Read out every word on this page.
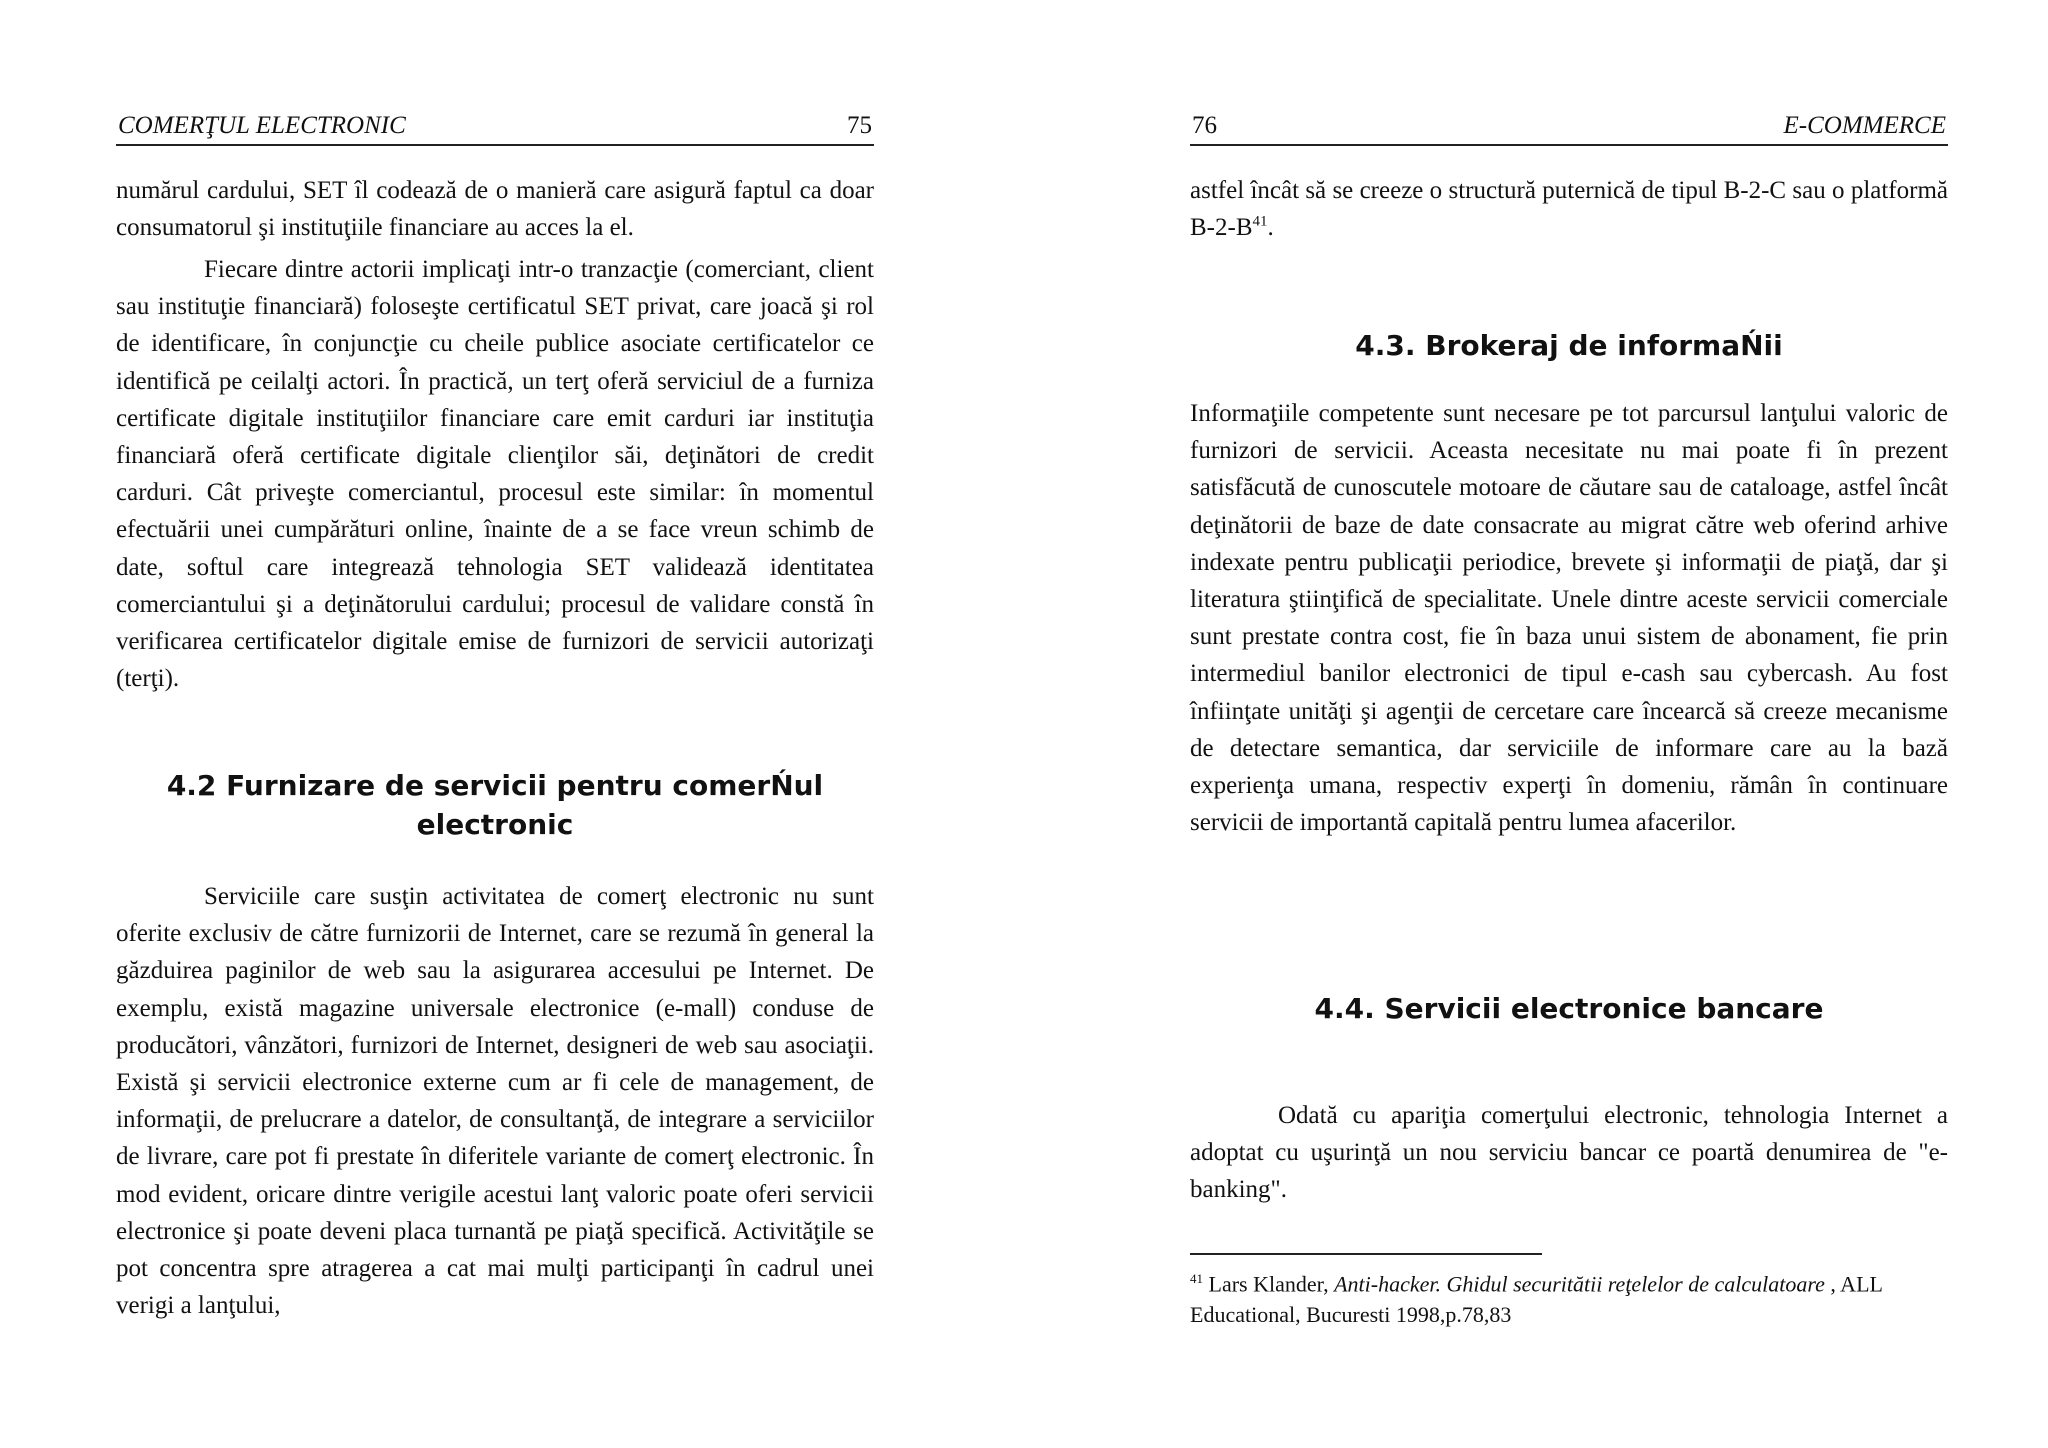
COMERŢUL ELECTRONIC	75

numărul cardului, SET îl codează de o manieră care asigură faptul ca doar consumatorul şi instituţiile financiare au acces la el.

Fiecare dintre actorii implicaţi intr-o tranzacţie (comerciant, client sau instituţie financiară) foloseşte certificatul SET privat, care joacă şi rol de identificare, în conjuncţie cu cheile publice asociate certificatelor ce identifică pe ceilalţi actori. În practică, un terţ oferă serviciul de a furniza certificate digitale instituţiilor financiare care emit carduri iar instituţia financiară oferă certificate digitale clienţilor săi, deţinători de credit carduri. Cât priveşte comerciantul, procesul este similar: în momentul efectuării unei cumpărături online, înainte de a se face vreun schimb de date, softul care integrează tehnologia SET validează identitatea comerciantului şi a deţinătorului cardului; procesul de validare constă în verificarea certificatelor digitale emise de furnizori de servicii autorizaţi (terţi).

4.2 Furnizare de servicii pentru comerŃul
electronic

Serviciile care susţin activitatea de comerţ electronic nu sunt oferite exclusiv de către furnizorii de Internet, care se rezumă în general la găzduirea paginilor de web sau la asigurarea accesului pe Internet. De exemplu, există magazine universale electronice (e-mall) conduse de producători, vânzători, furnizori de Internet, designeri de web sau asociaţii. Există şi servicii electronice externe cum ar fi cele de management, de informaţii, de prelucrare a datelor, de consultanţă, de integrare a serviciilor de livrare, care pot fi prestate în diferitele variante de comerţ electronic. În mod evident, oricare dintre verigile acestui lanţ valoric poate oferi servicii electronice şi poate deveni placa turnantă pe piaţă specifică. Activităţile se pot concentra spre atragerea a cat mai mulţi participanţi în cadrul unei verigi a lanţului,

76	E-COMMERCE

astfel încât să se creeze o structură puternică de tipul B-2-C sau o platformă $B-2-B^{41}$.

4.3. Brokeraj de informaŃii

Informaţiile competente sunt necesare pe tot parcursul lanţului valoric de furnizori de servicii. Aceasta necesitate nu mai poate fi în prezent satisfăcută de cunoscutele motoare de căutare sau de cataloage, astfel încât deţinătorii de baze de date consacrate au migrat către web oferind arhive indexate pentru publicaţii periodice, brevete şi informaţii de piaţă, dar şi literatura ştiinţifică de specialitate. Unele dintre aceste servicii comerciale sunt prestate contra cost, fie în baza unui sistem de abonament, fie prin intermediul banilor electronici de tipul e-cash sau cybercash. Au fost înfiinţate unităţi şi agenţii de cercetare care încearcă să creeze mecanisme de detectare semantica, dar serviciile de informare care au la bază experienţa umana, respectiv experţi în domeniu, rămân în continuare servicii de importantă capitală pentru lumea afacerilor.

4.4. Servicii electronice bancare

Odată cu apariţia comerţului electronic, tehnologia Internet a adoptat cu uşurinţă un nou serviciu bancar ce poartă denumirea de "e-banking".

$^{41}$ Lars Klander, Anti-hacker. Ghidul securitătii reţelelor de calculatoare , ALL Educational, Bucuresti 1998,p.78,83
